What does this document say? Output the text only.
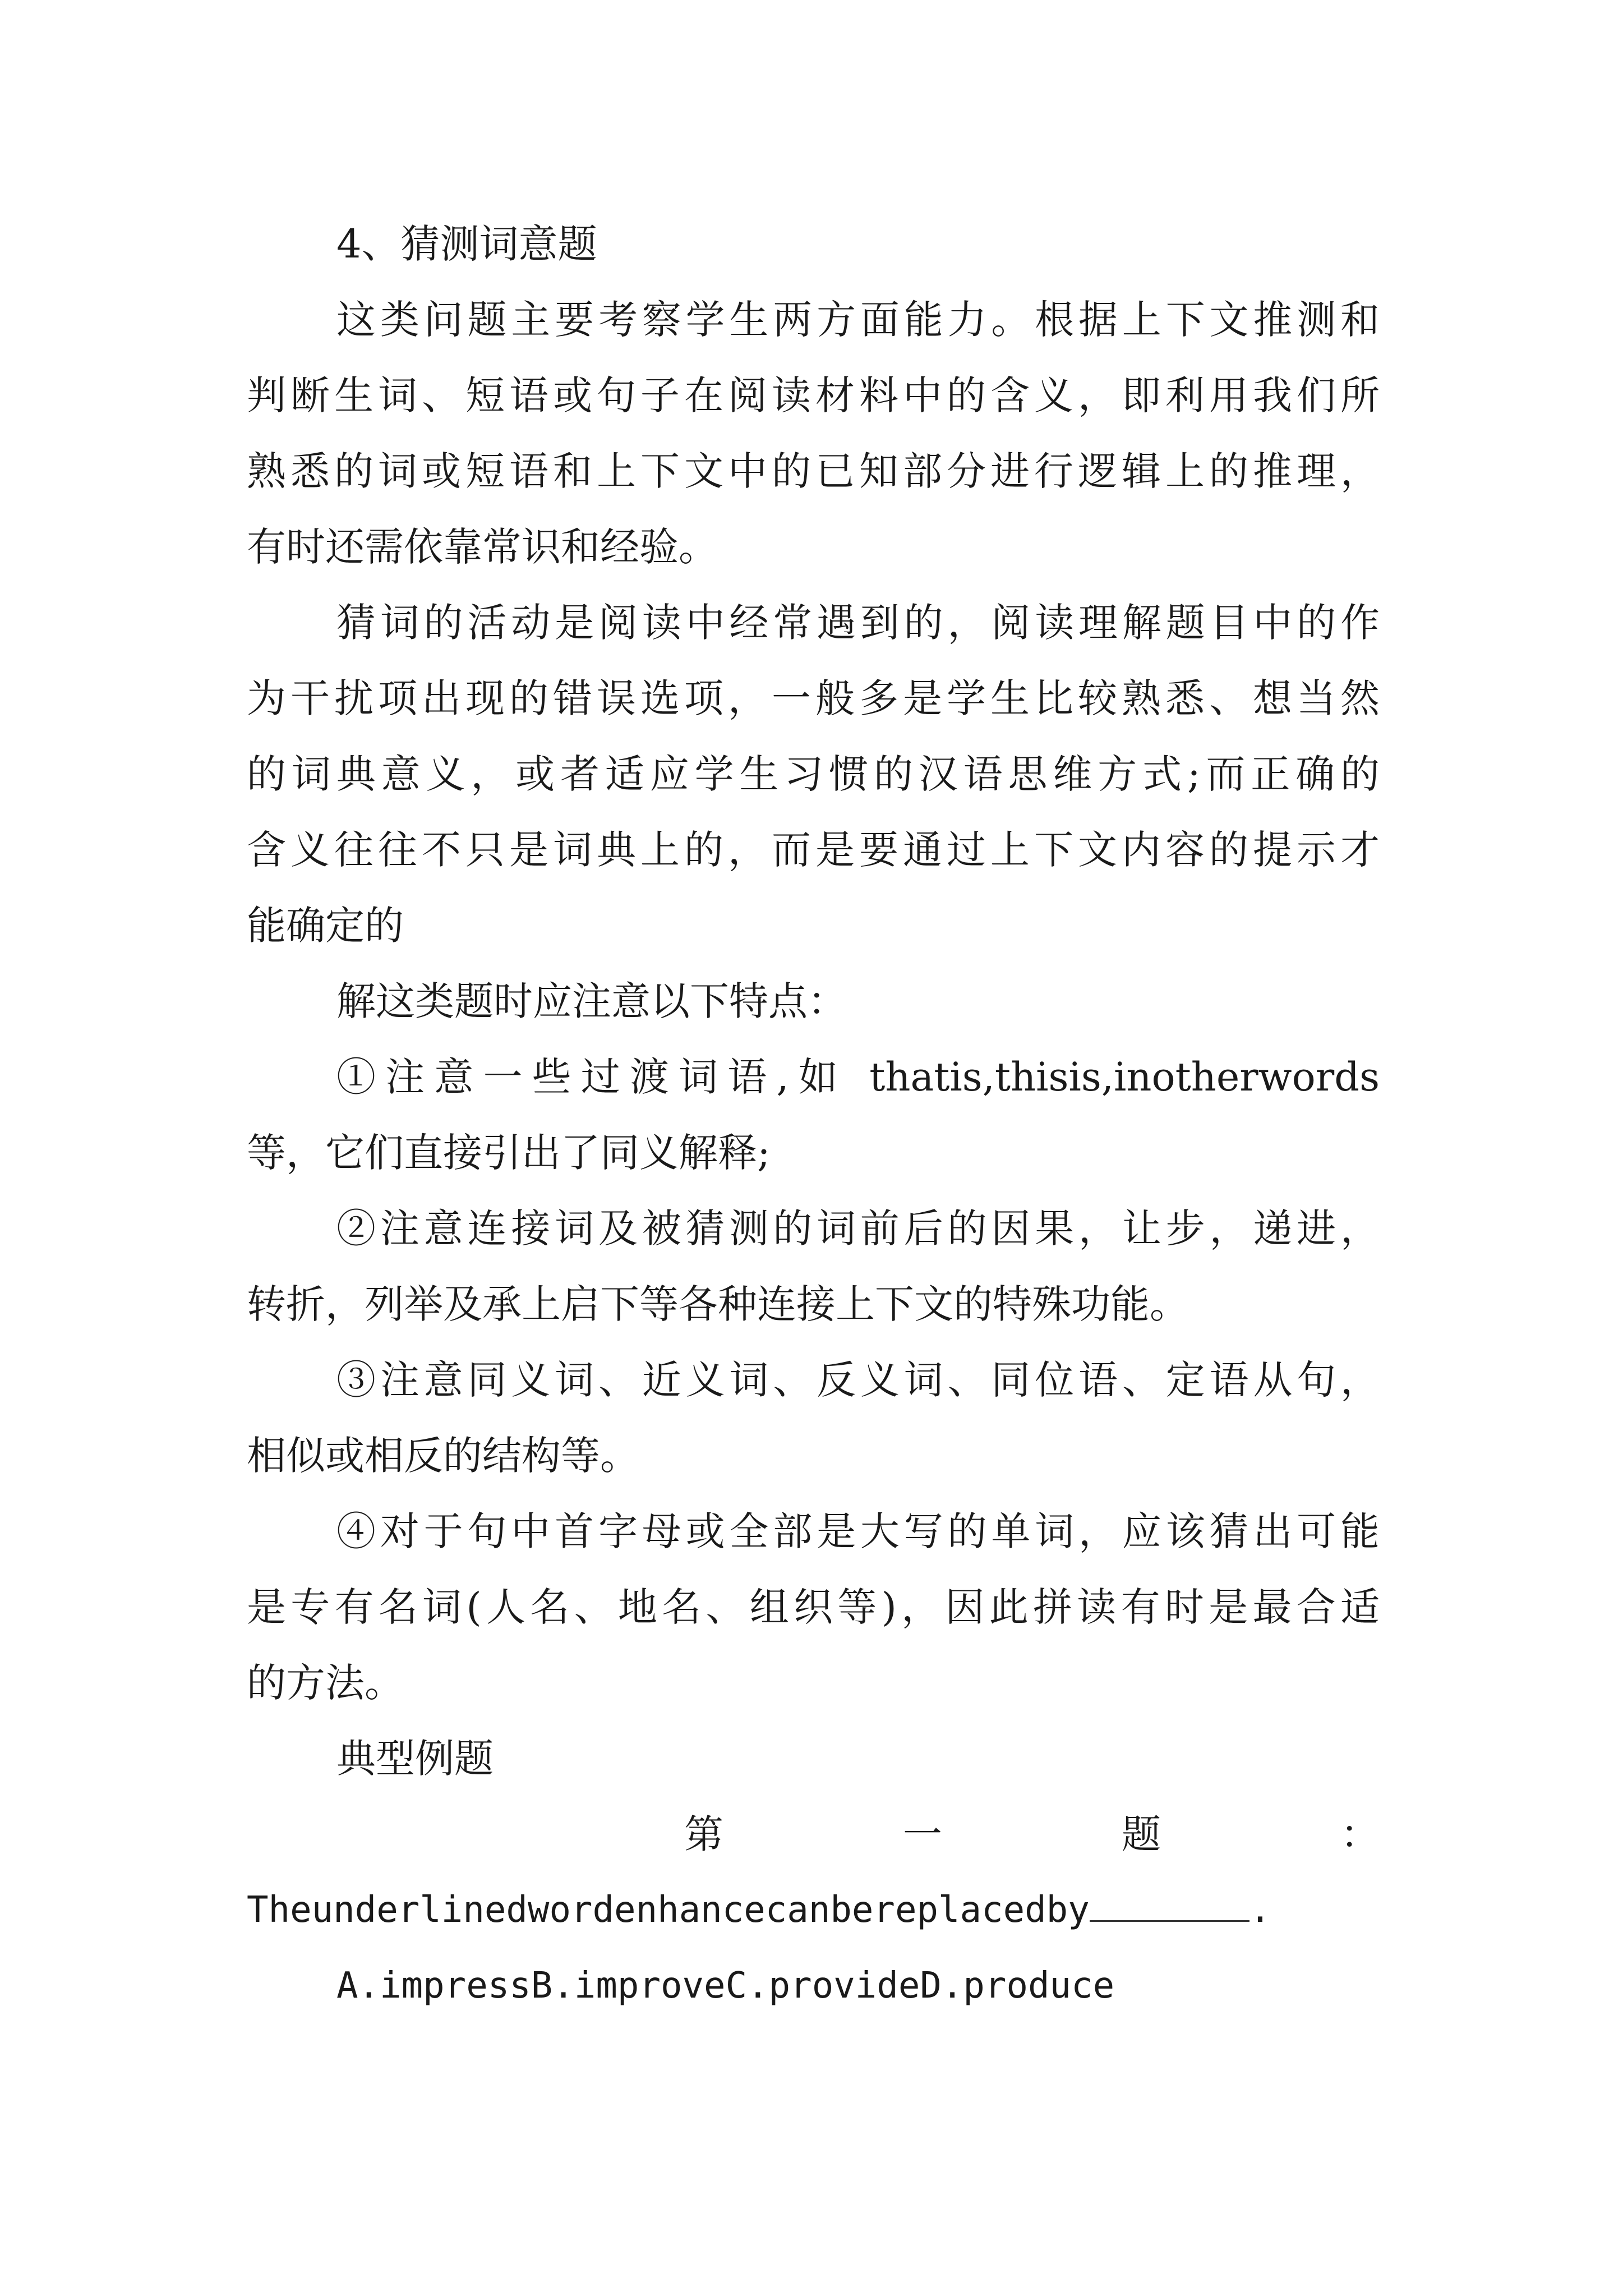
4、猜测词意题

这类问题主要考察学生两方面能力。根据上下文推测和

判断生词、短语或句子在阅读材料中的含义，即利用我们所

熟悉的词或短语和上下文中的已知部分进行逻辑上的推理，

有时还需依靠常识和经验。

猜词的活动是阅读中经常遇到的，阅读理解题目中的作

为干扰项出现的错误选项，一般多是学生比较熟悉、想当然

的词典意义，或者适应学生习惯的汉语思维方式;而正确的

含义往往不只是词典上的，而是要通过上下文内容的提示才

能确定的

解这类题时应注意以下特点：

①注意一些过渡词语,如 thatis,thisis,inotherwords

等，它们直接引出了同义解释;

②注意连接词及被猜测的词前后的因果，让步，递进，

转折，列举及承上启下等各种连接上下文的特殊功能。

③注意同义词、近义词、反义词、同位语、定语从句，

相似或相反的结构等。

④对于句中首字母或全部是大写的单词，应该猜出可能

是专有名词(人名、地名、组织等)，因此拼读有时是最合适

的方法。

典型例题

第	一	题	：

Theunderlinedwordenhancecanbereplacedby	.

A.impressB.improveC.provideD.produce
